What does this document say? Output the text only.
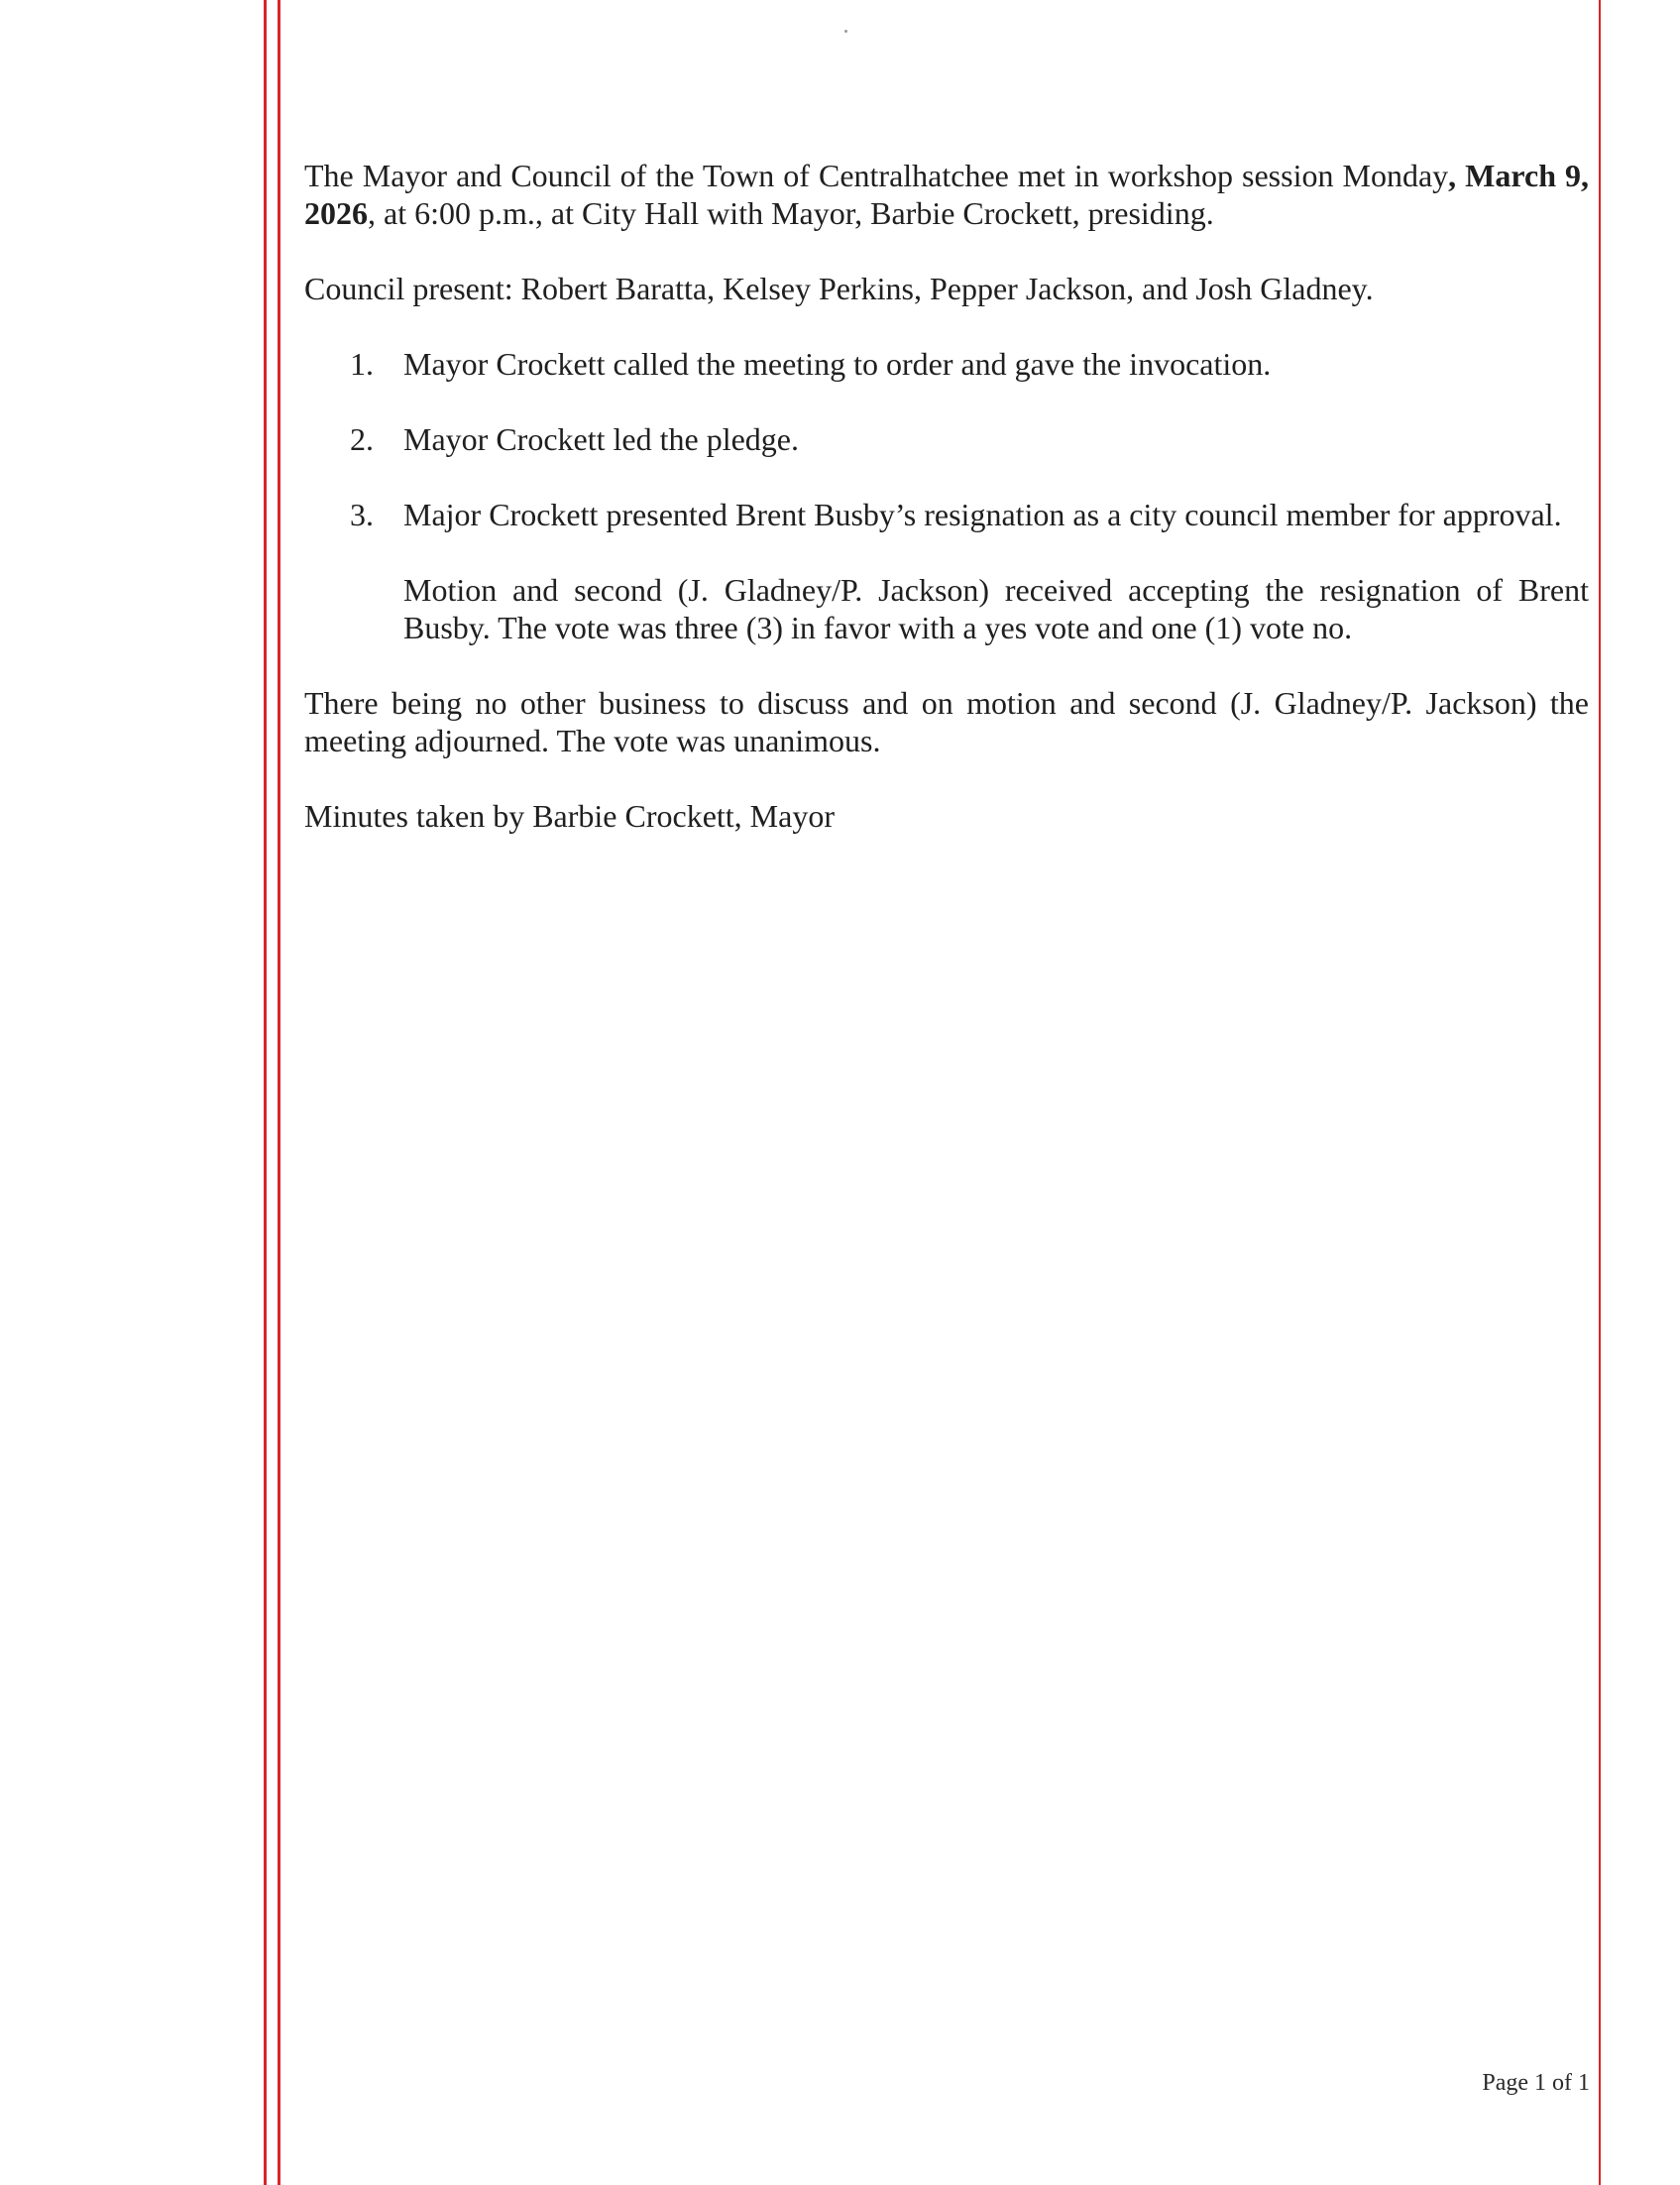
The Mayor and Council of the Town of Centralhatchee met in workshop session Monday, March 9, 2026, at 6:00 p.m., at City Hall with Mayor, Barbie Crockett, presiding.

Council present: Robert Baratta, Kelsey Perkins, Pepper Jackson, and Josh Gladney.

1. Mayor Crockett called the meeting to order and gave the invocation.

2. Mayor Crockett led the pledge.

3. Major Crockett presented Brent Busby’s resignation as a city council member for approval.

Motion and second (J. Gladney/P. Jackson) received accepting the resignation of Brent Busby. The vote was three (3) in favor with a yes vote and one (1) vote no.

There being no other business to discuss and on motion and second (J. Gladney/P. Jackson) the meeting adjourned. The vote was unanimous.

Minutes taken by Barbie Crockett, Mayor

Page 1 of 1
